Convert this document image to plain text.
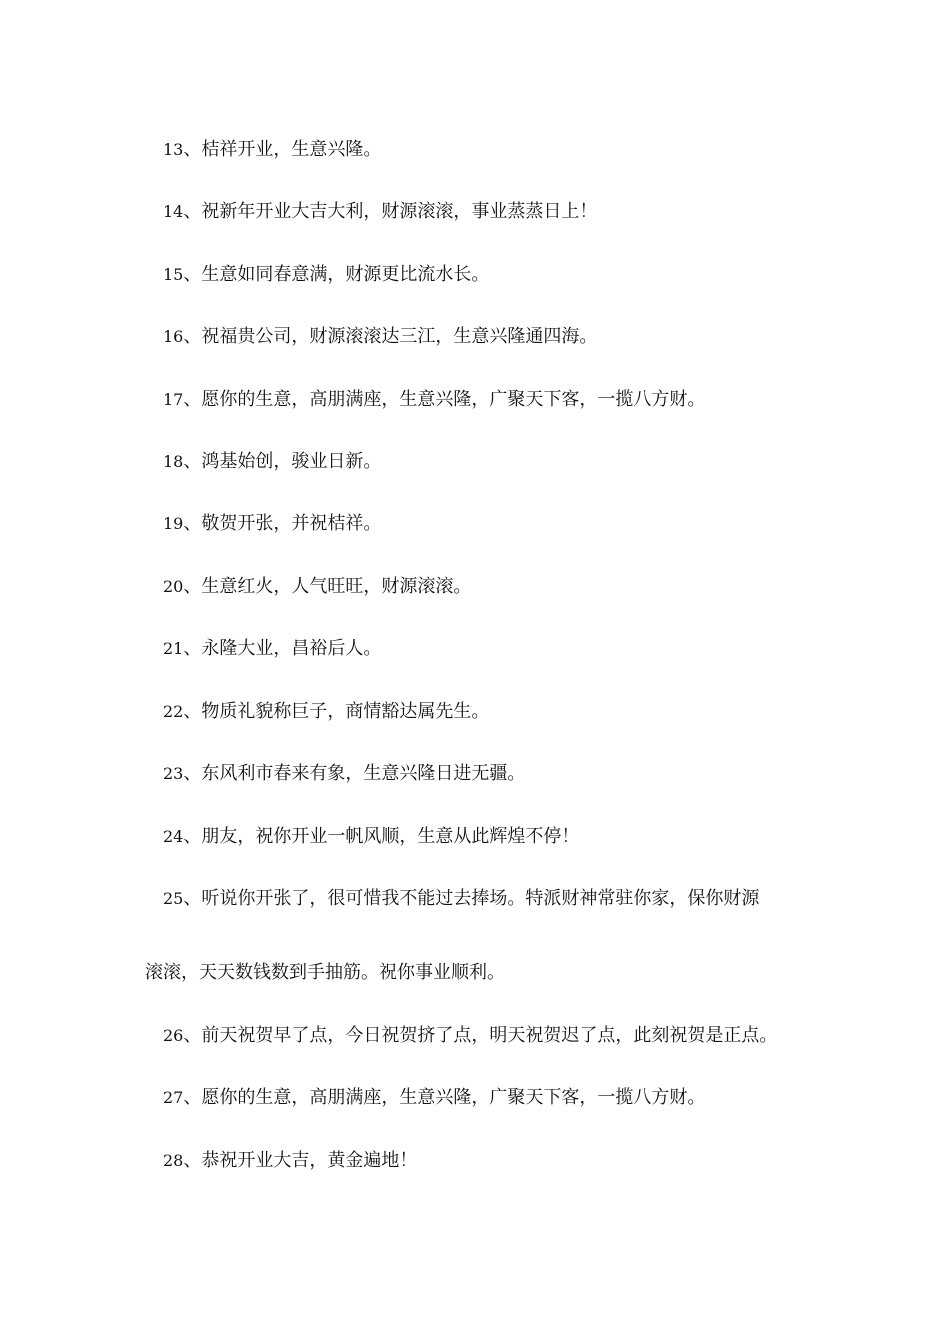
13、桔祥开业，生意兴隆。
14、祝新年开业大吉大利，财源滚滚，事业蒸蒸日上！
15、生意如同春意满，财源更比流水长。
16、祝福贵公司，财源滚滚达三江，生意兴隆通四海。
17、愿你的生意，高朋满座，生意兴隆，广聚天下客，一揽八方财。
18、鸿基始创，骏业日新。
19、敬贺开张，并祝桔祥。
20、生意红火，人气旺旺，财源滚滚。
21、永隆大业，昌裕后人。
22、物质礼貌称巨子，商情豁达属先生。
23、东风利市春来有象，生意兴隆日进无疆。
24、朋友，祝你开业一帆风顺，生意从此辉煌不停！
25、听说你开张了，很可惜我不能过去捧场。特派财神常驻你家，保你财源
滚滚，天天数钱数到手抽筋。祝你事业顺利。
26、前天祝贺早了点，今日祝贺挤了点，明天祝贺迟了点，此刻祝贺是正点。
27、愿你的生意，高朋满座，生意兴隆，广聚天下客，一揽八方财。
28、恭祝开业大吉，黄金遍地！
